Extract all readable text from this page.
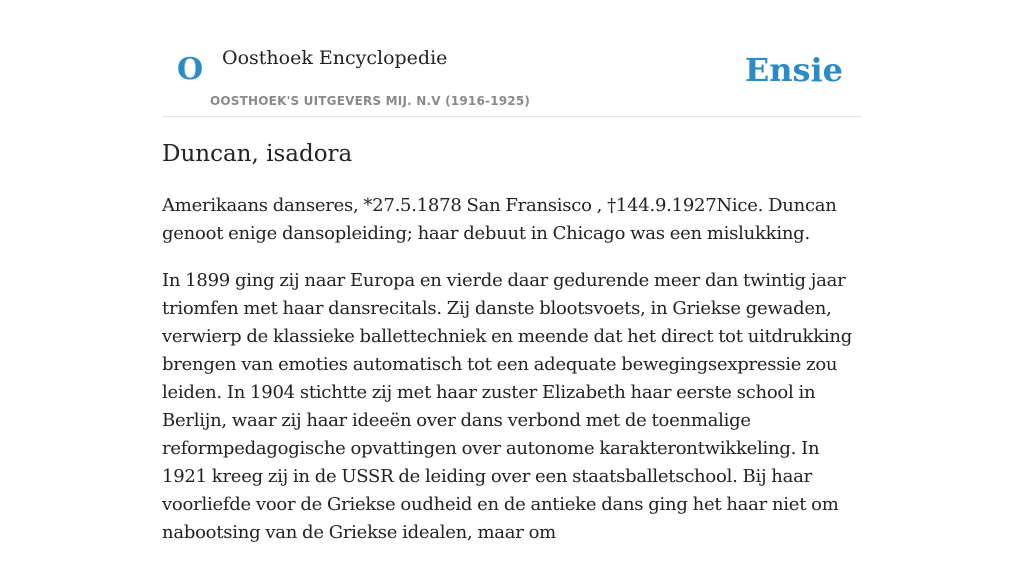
O Oosthoek Encyclopedie
OOSTHOEK'S UITGEVERS MIJ. N.V (1916-1925)
Ensie
Duncan, isadora

Amerikaans danseres, *27.5.1878 San Fransisco , †144.9.1927Nice. Duncan genoot enige dansopleiding; haar debuut in Chicago was een mislukking.

In 1899 ging zij naar Europa en vierde daar gedurende meer dan twintig jaar triomfen met haar dansrecitals. Zij danste blootsvoets, in Griekse gewaden, verwierp de klassieke ballettechniek en meende dat het direct tot uitdrukking brengen van emoties automatisch tot een adequate bewegingsexpressie zou leiden. In 1904 stichtte zij met haar zuster Elizabeth haar eerste school in Berlijn, waar zij haar ideeën over dans verbond met de toenmalige reformpedagogische opvattingen over autonome karakterontwikkeling. In 1921 kreeg zij in de USSR de leiding over een staatsballetschool. Bij haar voorliefde voor de Griekse oudheid en de antieke dans ging het haar niet om nabootsing van de Griekse idealen, maar om
